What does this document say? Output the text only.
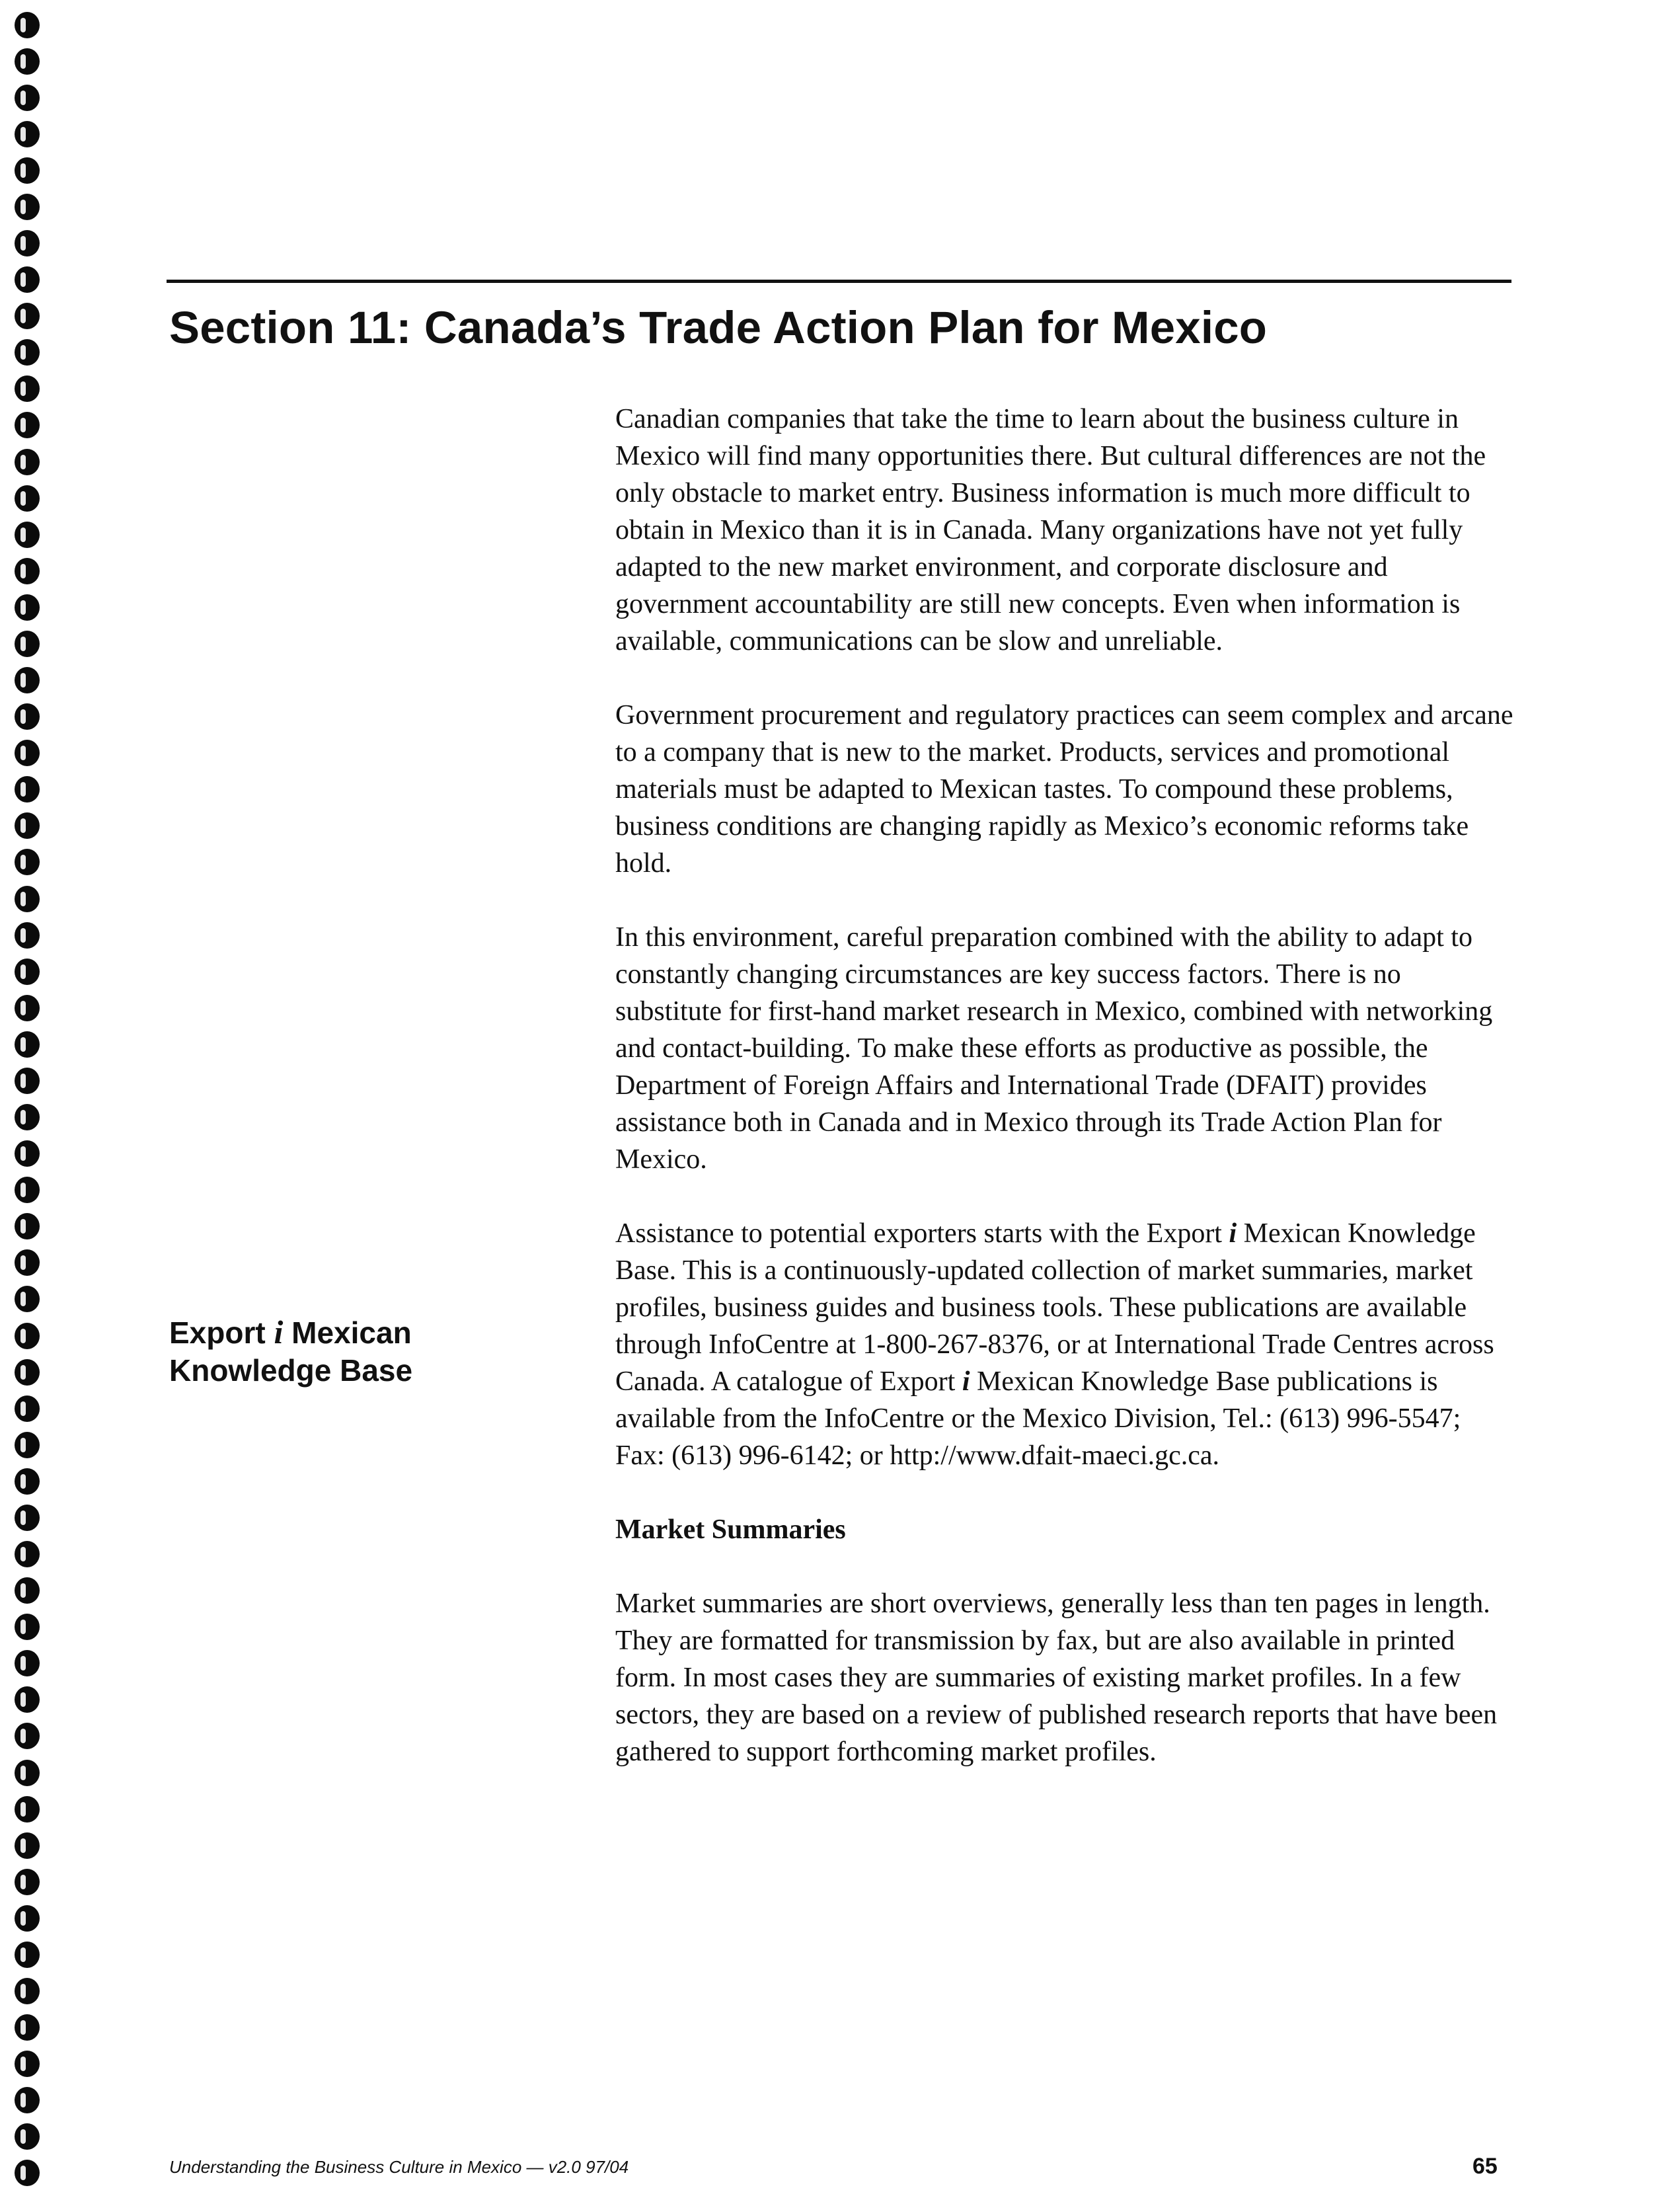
Section 11: Canada’s Trade Action Plan for Mexico

Canadian companies that take the time to learn about the business culture in Mexico will find many opportunities there. But cultural differences are not the only obstacle to market entry. Business information is much more difficult to obtain in Mexico than it is in Canada. Many organizations have not yet fully adapted to the new market environment, and corporate disclosure and government accountability are still new concepts. Even when information is available, communications can be slow and unreliable.

Government procurement and regulatory practices can seem complex and arcane to a company that is new to the market. Products, services and promotional materials must be adapted to Mexican tastes. To compound these problems, business conditions are changing rapidly as Mexico’s economic reforms take hold.

In this environment, careful preparation combined with the ability to adapt to constantly changing circumstances are key success factors. There is no substitute for first-hand market research in Mexico, combined with networking and contact-building. To make these efforts as productive as possible, the Department of Foreign Affairs and International Trade (DFAIT) provides assistance both in Canada and in Mexico through its Trade Action Plan for Mexico.

Assistance to potential exporters starts with the Export i Mexican Knowledge Base. This is a continuously-updated collection of market summaries, market profiles, business guides and business tools. These publications are available through InfoCentre at 1-800-267-8376, or at International Trade Centres across Canada. A catalogue of Export i Mexican Knowledge Base publications is available from the InfoCentre or the Mexico Division, Tel.: (613) 996-5547; Fax: (613) 996-6142; or http://www.dfait-maeci.gc.ca.

Market Summaries

Market summaries are short overviews, generally less than ten pages in length. They are formatted for transmission by fax, but are also available in printed form. In most cases they are summaries of existing market profiles. In a few sectors, they are based on a review of published research reports that have been gathered to support forthcoming market profiles.

Export i Mexican
Knowledge Base
Understanding the Business Culture in Mexico — v2.0 97/04	65
